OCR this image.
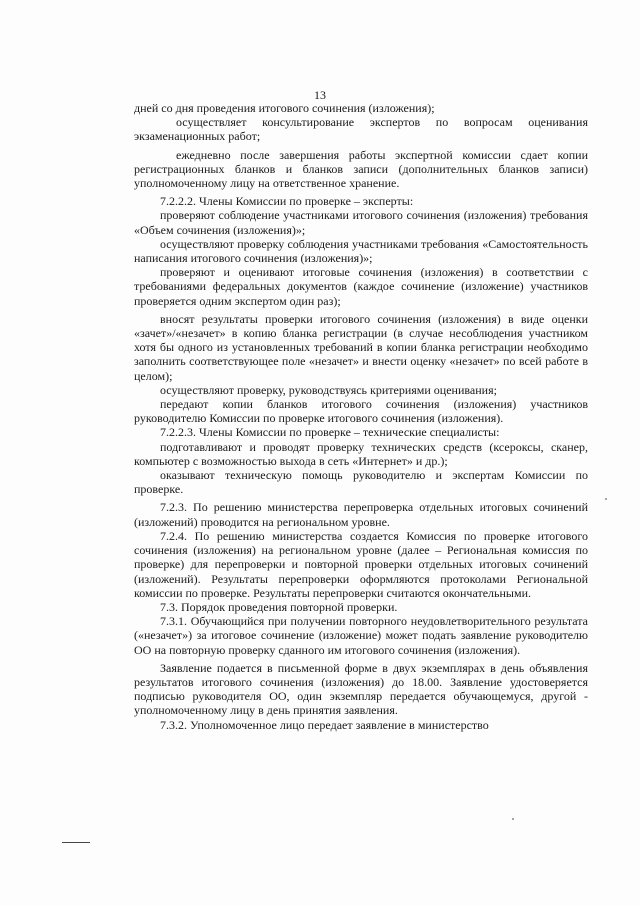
13

дней со дня проведения итогового сочинения (изложения);

осуществляет консультирование экспертов по вопросам оценивания экзаменационных работ;

ежедневно после завершения работы экспертной комиссии сдает копии регистрационных бланков и бланков записи (дополнительных бланков записи) уполномоченному лицу на ответственное хранение.

7.2.2.2. Члены Комиссии по проверке – эксперты:

проверяют соблюдение участниками итогового сочинения (изложения) требования «Объем сочинения (изложения)»;

осуществляют проверку соблюдения участниками требования «Самостоятельность написания итогового сочинения (изложения)»;

проверяют и оценивают итоговые сочинения (изложения) в соответствии с требованиями федеральных документов (каждое сочинение (изложение) участников проверяется одним экспертом один раз);

вносят результаты проверки итогового сочинения (изложения) в виде оценки «зачет»/«незачет» в копию бланка регистрации (в случае несоблюдения участником хотя бы одного из установленных требований в копии бланка регистрации необходимо заполнить соответствующее поле «незачет» и внести оценку «незачет» по всей работе в целом);

осуществляют проверку, руководствуясь критериями оценивания;

передают копии бланков итогового сочинения (изложения) участников руководителю Комиссии по проверке итогового сочинения (изложения).

7.2.2.3. Члены Комиссии по проверке – технические специалисты:

подготавливают и проводят проверку технических средств (ксероксы, сканер, компьютер с возможностью выхода в сеть «Интернет» и др.);

оказывают техническую помощь руководителю и экспертам Комиссии по проверке.

7.2.3. По решению министерства перепроверка отдельных итоговых сочинений (изложений) проводится на региональном уровне.

7.2.4. По решению министерства создается Комиссия по проверке итогового сочинения (изложения) на региональном уровне (далее – Региональная комиссия по проверке) для перепроверки и повторной проверки отдельных итоговых сочинений (изложений). Результаты перепроверки оформляются протоколами Региональной комиссии по проверке. Результаты перепроверки считаются окончательными.

7.3. Порядок проведения повторной проверки.

7.3.1. Обучающийся при получении повторного неудовлетворительного результата («незачет») за итоговое сочинение (изложение) может подать заявление руководителю ОО на повторную проверку сданного им итогового сочинения (изложения).

Заявление подается в письменной форме в двух экземплярах в день объявления результатов итогового сочинения (изложения) до 18.00. Заявление удостоверяется подписью руководителя ОО, один экземпляр передается обучающемуся, другой - уполномоченному лицу в день принятия заявления.

7.3.2. Уполномоченное лицо передает заявление в министерство
